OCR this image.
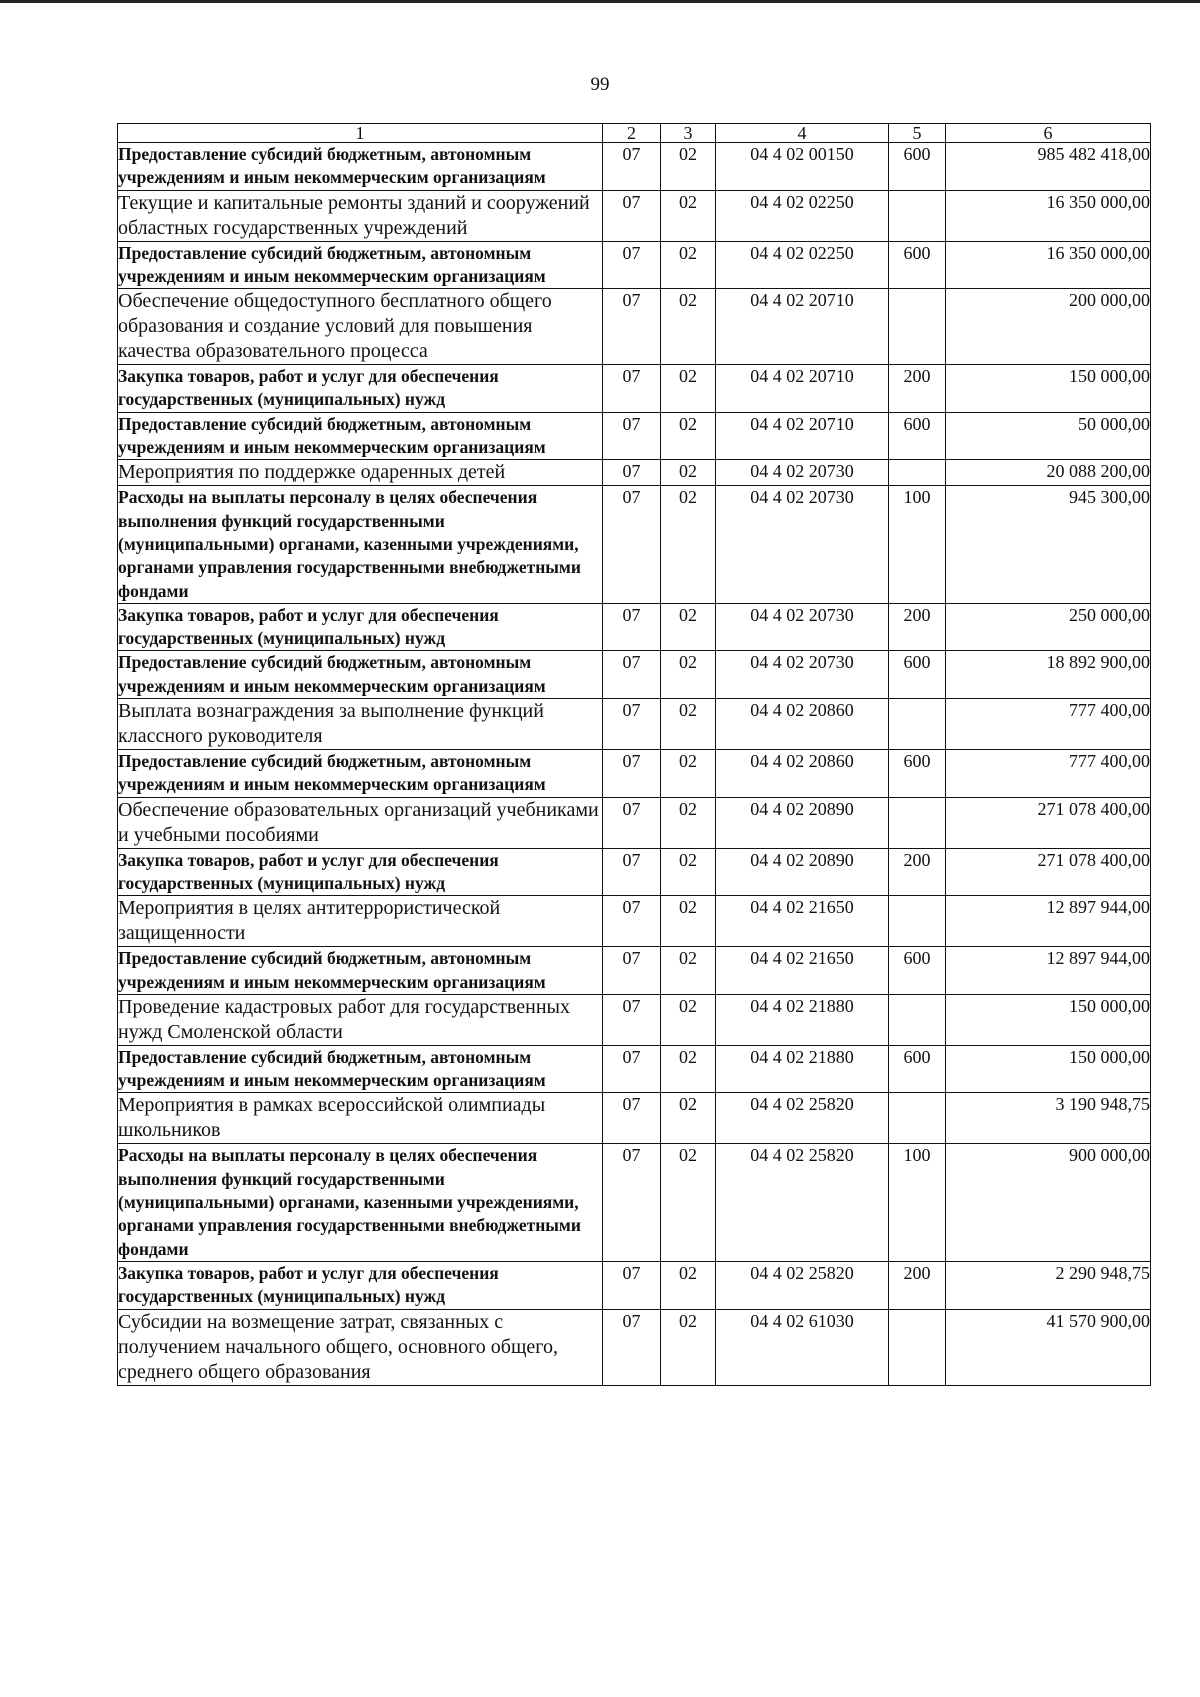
99
1	2	3	4	5	6
Предоставление субсидий бюджетным, автономным учреждениям и иным некоммерческим организациям	07	02	04 4 02 00150	600	985 482 418,00
Текущие и капитальные ремонты зданий и сооружений областных государственных учреждений	07	02	04 4 02 02250		16 350 000,00
Предоставление субсидий бюджетным, автономным учреждениям и иным некоммерческим организациям	07	02	04 4 02 02250	600	16 350 000,00
Обеспечение общедоступного бесплатного общего образования и создание условий для повышения качества образовательного процесса	07	02	04 4 02 20710		200 000,00
Закупка товаров, работ и услуг для обеспечения государственных (муниципальных) нужд	07	02	04 4 02 20710	200	150 000,00
Предоставление субсидий бюджетным, автономным учреждениям и иным некоммерческим организациям	07	02	04 4 02 20710	600	50 000,00
Мероприятия по поддержке одаренных детей	07	02	04 4 02 20730		20 088 200,00
Расходы на выплаты персоналу в целях обеспечения выполнения функций государственными (муниципальными) органами, казенными учреждениями, органами управления государственными внебюджетными фондами	07	02	04 4 02 20730	100	945 300,00
Закупка товаров, работ и услуг для обеспечения государственных (муниципальных) нужд	07	02	04 4 02 20730	200	250 000,00
Предоставление субсидий бюджетным, автономным учреждениям и иным некоммерческим организациям	07	02	04 4 02 20730	600	18 892 900,00
Выплата вознаграждения за выполнение функций классного руководителя	07	02	04 4 02 20860		777 400,00
Предоставление субсидий бюджетным, автономным учреждениям и иным некоммерческим организациям	07	02	04 4 02 20860	600	777 400,00
Обеспечение образовательных организаций учебниками и учебными пособиями	07	02	04 4 02 20890		271 078 400,00
Закупка товаров, работ и услуг для обеспечения государственных (муниципальных) нужд	07	02	04 4 02 20890	200	271 078 400,00
Мероприятия в целях антитеррористической защищенности	07	02	04 4 02 21650		12 897 944,00
Предоставление субсидий бюджетным, автономным учреждениям и иным некоммерческим организациям	07	02	04 4 02 21650	600	12 897 944,00
Проведение кадастровых работ для государственных нужд Смоленской области	07	02	04 4 02 21880		150 000,00
Предоставление субсидий бюджетным, автономным учреждениям и иным некоммерческим организациям	07	02	04 4 02 21880	600	150 000,00
Мероприятия в рамках всероссийской олимпиады школьников	07	02	04 4 02 25820		3 190 948,75
Расходы на выплаты персоналу в целях обеспечения выполнения функций государственными (муниципальными) органами, казенными учреждениями, органами управления государственными внебюджетными фондами	07	02	04 4 02 25820	100	900 000,00
Закупка товаров, работ и услуг для обеспечения государственных (муниципальных) нужд	07	02	04 4 02 25820	200	2 290 948,75
Субсидии на возмещение затрат, связанных с получением начального общего, основного общего, среднего общего образования	07	02	04 4 02 61030		41 570 900,00
